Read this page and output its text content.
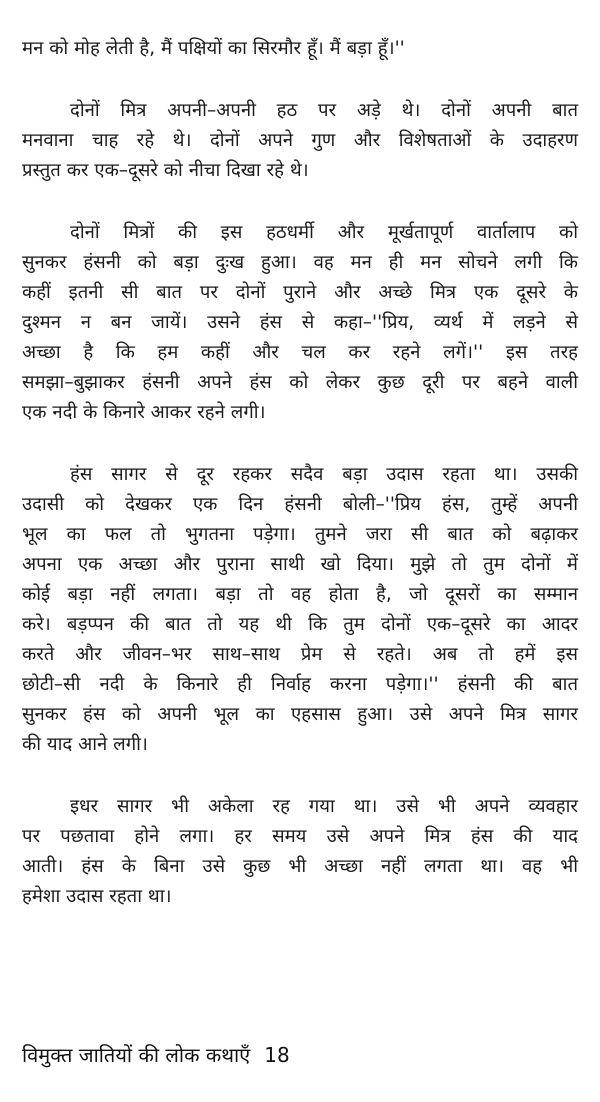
मन को मोह लेती है, मैं पक्षियों का सिरमौर हूँ। मैं बड़ा हूँ।''
दोनों मित्र अपनी–अपनी हठ पर अड़े थे। दोनों अपनी बात
मनवाना चाह रहे थे। दोनों अपने गुण और विशेषताओं के उदाहरण
प्रस्तुत कर एक–दूसरे को नीचा दिखा रहे थे।
दोनों मित्रों की इस हठधर्मी और मूर्खतापूर्ण वार्तालाप को
सुनकर हंसनी को बड़ा दुःख हुआ। वह मन ही मन सोचने लगी कि
कहीं इतनी सी बात पर दोनों पुराने और अच्छे मित्र एक दूसरे के
दुश्मन न बन जायें। उसने हंस से कहा–''प्रिय, व्यर्थ में लड़ने से
अच्छा है कि हम कहीं और चल कर रहने लगें।'' इस तरह
समझा–बुझाकर हंसनी अपने हंस को लेकर कुछ दूरी पर बहने वाली
एक नदी के किनारे आकर रहने लगी।
हंस सागर से दूर रहकर सदैव बड़ा उदास रहता था। उसकी
उदासी को देखकर एक दिन हंसनी बोली–''प्रिय हंस, तुम्हें अपनी
भूल का फल तो भुगतना पड़ेगा। तुमने जरा सी बात को बढ़ाकर
अपना एक अच्छा और पुराना साथी खो दिया। मुझे तो तुम दोनों में
कोई बड़ा नहीं लगता। बड़ा तो वह होता है, जो दूसरों का सम्मान
करे। बड़प्पन की बात तो यह थी कि तुम दोनों एक–दूसरे का आदर
करते और जीवन–भर साथ–साथ प्रेम से रहते। अब तो हमें इस
छोटी–सी नदी के किनारे ही निर्वाह करना पड़ेगा।'' हंसनी की बात
सुनकर हंस को अपनी भूल का एहसास हुआ। उसे अपने मित्र सागर
की याद आने लगी।
इधर सागर भी अकेला रह गया था। उसे भी अपने व्यवहार
पर पछतावा होने लगा। हर समय उसे अपने मित्र हंस की याद
आती। हंस के बिना उसे कुछ भी अच्छा नहीं लगता था। वह भी
हमेशा उदास रहता था।
विमुक्त जातियों की लोक कथाएँ 18
